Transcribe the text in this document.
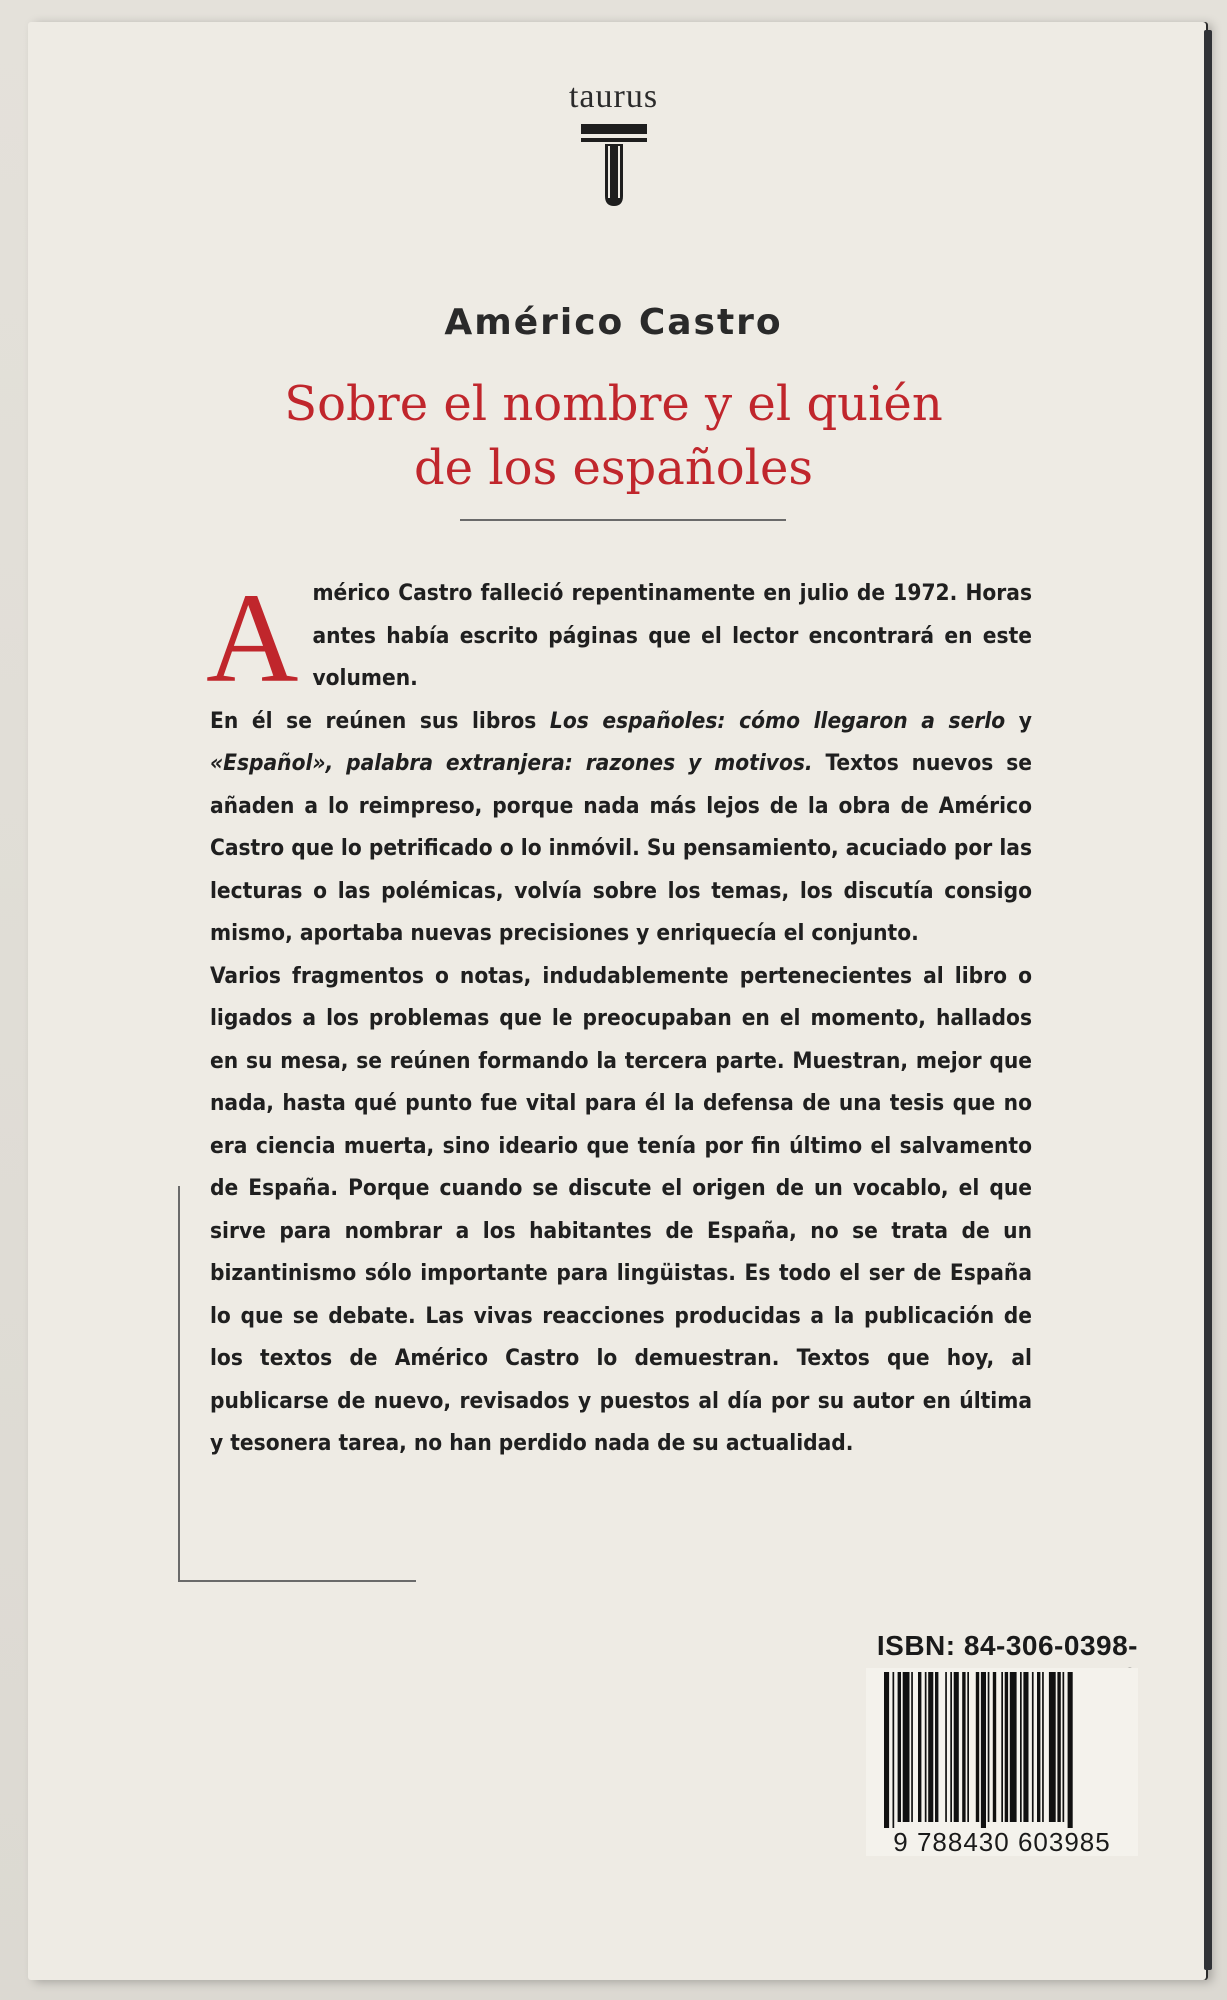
taurus
Américo Castro
Sobre el nombre y el quién
de los españoles

Américo Castro falleció repentinamente en julio de 1972. Horas antes había escrito páginas que el lector encontrará en este volumen.

En él se reúnen sus libros Los españoles: cómo llegaron a serlo y «Español», palabra extranjera: razones y motivos. Textos nuevos se añaden a lo reimpreso, porque nada más lejos de la obra de Américo Castro que lo petrificado o lo inmóvil. Su pensamiento, acuciado por las lecturas o las polémicas, volvía sobre los temas, los discutía consigo mismo, aportaba nuevas precisiones y enriquecía el conjunto.

Varios fragmentos o notas, indudablemente pertenecientes al libro o ligados a los problemas que le preocupaban en el momento, hallados en su mesa, se reúnen formando la tercera parte. Muestran, mejor que nada, hasta qué punto fue vital para él la defensa de una tesis que no era ciencia muerta, sino ideario que tenía por fin último el salvamento de España. Porque cuando se discute el origen de un vocablo, el que sirve para nombrar a los habitantes de España, no se trata de un bizantinismo sólo importante para lingüistas. Es todo el ser de España lo que se debate. Las vivas reacciones producidas a la publicación de los textos de Américo Castro lo demuestran. Textos que hoy, al publicarse de nuevo, revisados y puestos al día por su autor en última y tesonera tarea, no han perdido nada de su actualidad.

ISBN: 84-306-0398-
9 788430 603985
